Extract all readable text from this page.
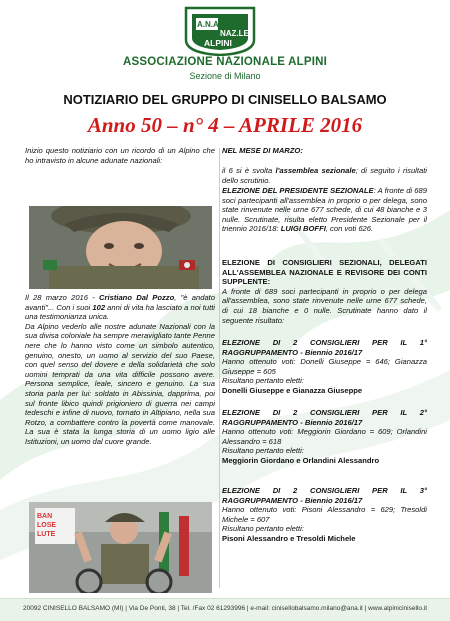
A.N.A.
NAZ.LE
ALPINI
ASSOCIAZIONE NAZIONALE ALPINI
Sezione di Milano
NOTIZIARIO DEL GRUPPO DI CINISELLO BALSAMO
Anno 50 – n° 4 – APRILE 2016

Inizio questo notiziario con un ricordo di un Alpino che ho intravisto in alcune adunate nazionali:

Il 28 marzo 2016 - Cristiano Dal Pozzo, "è andato avanti"... Con i suoi 102 anni di vita ha lasciato a noi tutti una testimonianza unica.

Da Alpino vederlo alle nostre adunate Nazionali con la sua divisa coloniale ha sempre meravigliato tante Penne nere che lo hanno visto come un simbolo autentico, genuino, onesto, un uomo al servizio del suo Paese, con quel senso del dovere e della solidarietà che solo uomini temprati da una vita difficile possono avere. Persona semplice, leale, sincero e genuino. La sua storia parla per lui: soldato in Abissinia, dapprima, poi sul fronte libico quindi prigioniero di guerra nei campi tedeschi e infine di nuovo, tornato in Altipiano, nella sua Rotzo, a combattere contro la povertà come manovale. La sua è stata la lunga storia di un uomo ligio alle Istituzioni, un uomo dal cuore grande.

BAN LOSE LUTE

NEL MESE DI MARZO:

il 6 si è svolta l'assemblea sezionale; di seguito i risultati dello scrutinio.

ELEZIONE DEL PRESIDENTE SEZIONALE: A fronte di 689 soci partecipanti all'assemblea in proprio o per delega, sono state rinvenute nelle urne 677 schede, di cui 48 bianche e 3 nulle. Scrutinate, risulta eletto Presidente Sezionale per il triennio 2016/18: LUIGI BOFFI, con voti 626.

ELEZIONE DI CONSIGLIERI SEZIONALI, DELEGATI ALL'ASSEMBLEA NAZIONALE E REVISORE DEI CONTI SUPPLENTE:

A fronte di 689 soci partecipanti in proprio o per delega all'assemblea, sono state rinvenute nelle urne 677 schede, di cui 18 bianche e 0 nulle. Scrutinate hanno dato il seguente risultato:

ELEZIONE DI 2 CONSIGLIERI PER IL 1° RAGGRUPPAMENTO - Biennio 2016/17

Hanno ottenuto voti: Donelli Giuseppe = 646; Gianazza Giuseppe = 605

Risultano pertanto eletti:

Donelli Giuseppe e Gianazza Giuseppe

ELEZIONE DI 2 CONSIGLIERI PER IL 2° RAGGRUPPAMENTO - Biennio 2016/17

Hanno ottenuto voti: Meggiorin Giordano = 609; Orlandini Alessandro = 618

Risultano pertanto eletti:

Meggiorin Giordano e Orlandini Alessandro

ELEZIONE DI 2 CONSIGLIERI PER IL 3° RAGGRUPPAMENTO - Biennio 2016/17

Hanno ottenuto voti: Pisoni Alessandro = 629; Tresoldi Michele = 607

Risultano pertanto eletti:

Pisoni Alessandro e Tresoldi Michele

20092 CINISELLO BALSAMO (MI) | Via De Ponti, 38 | Tel. /Fax 02 61293996 | e-mail: cinisellobalsamo.milano@ana.it | www.alpinicinisello.it
